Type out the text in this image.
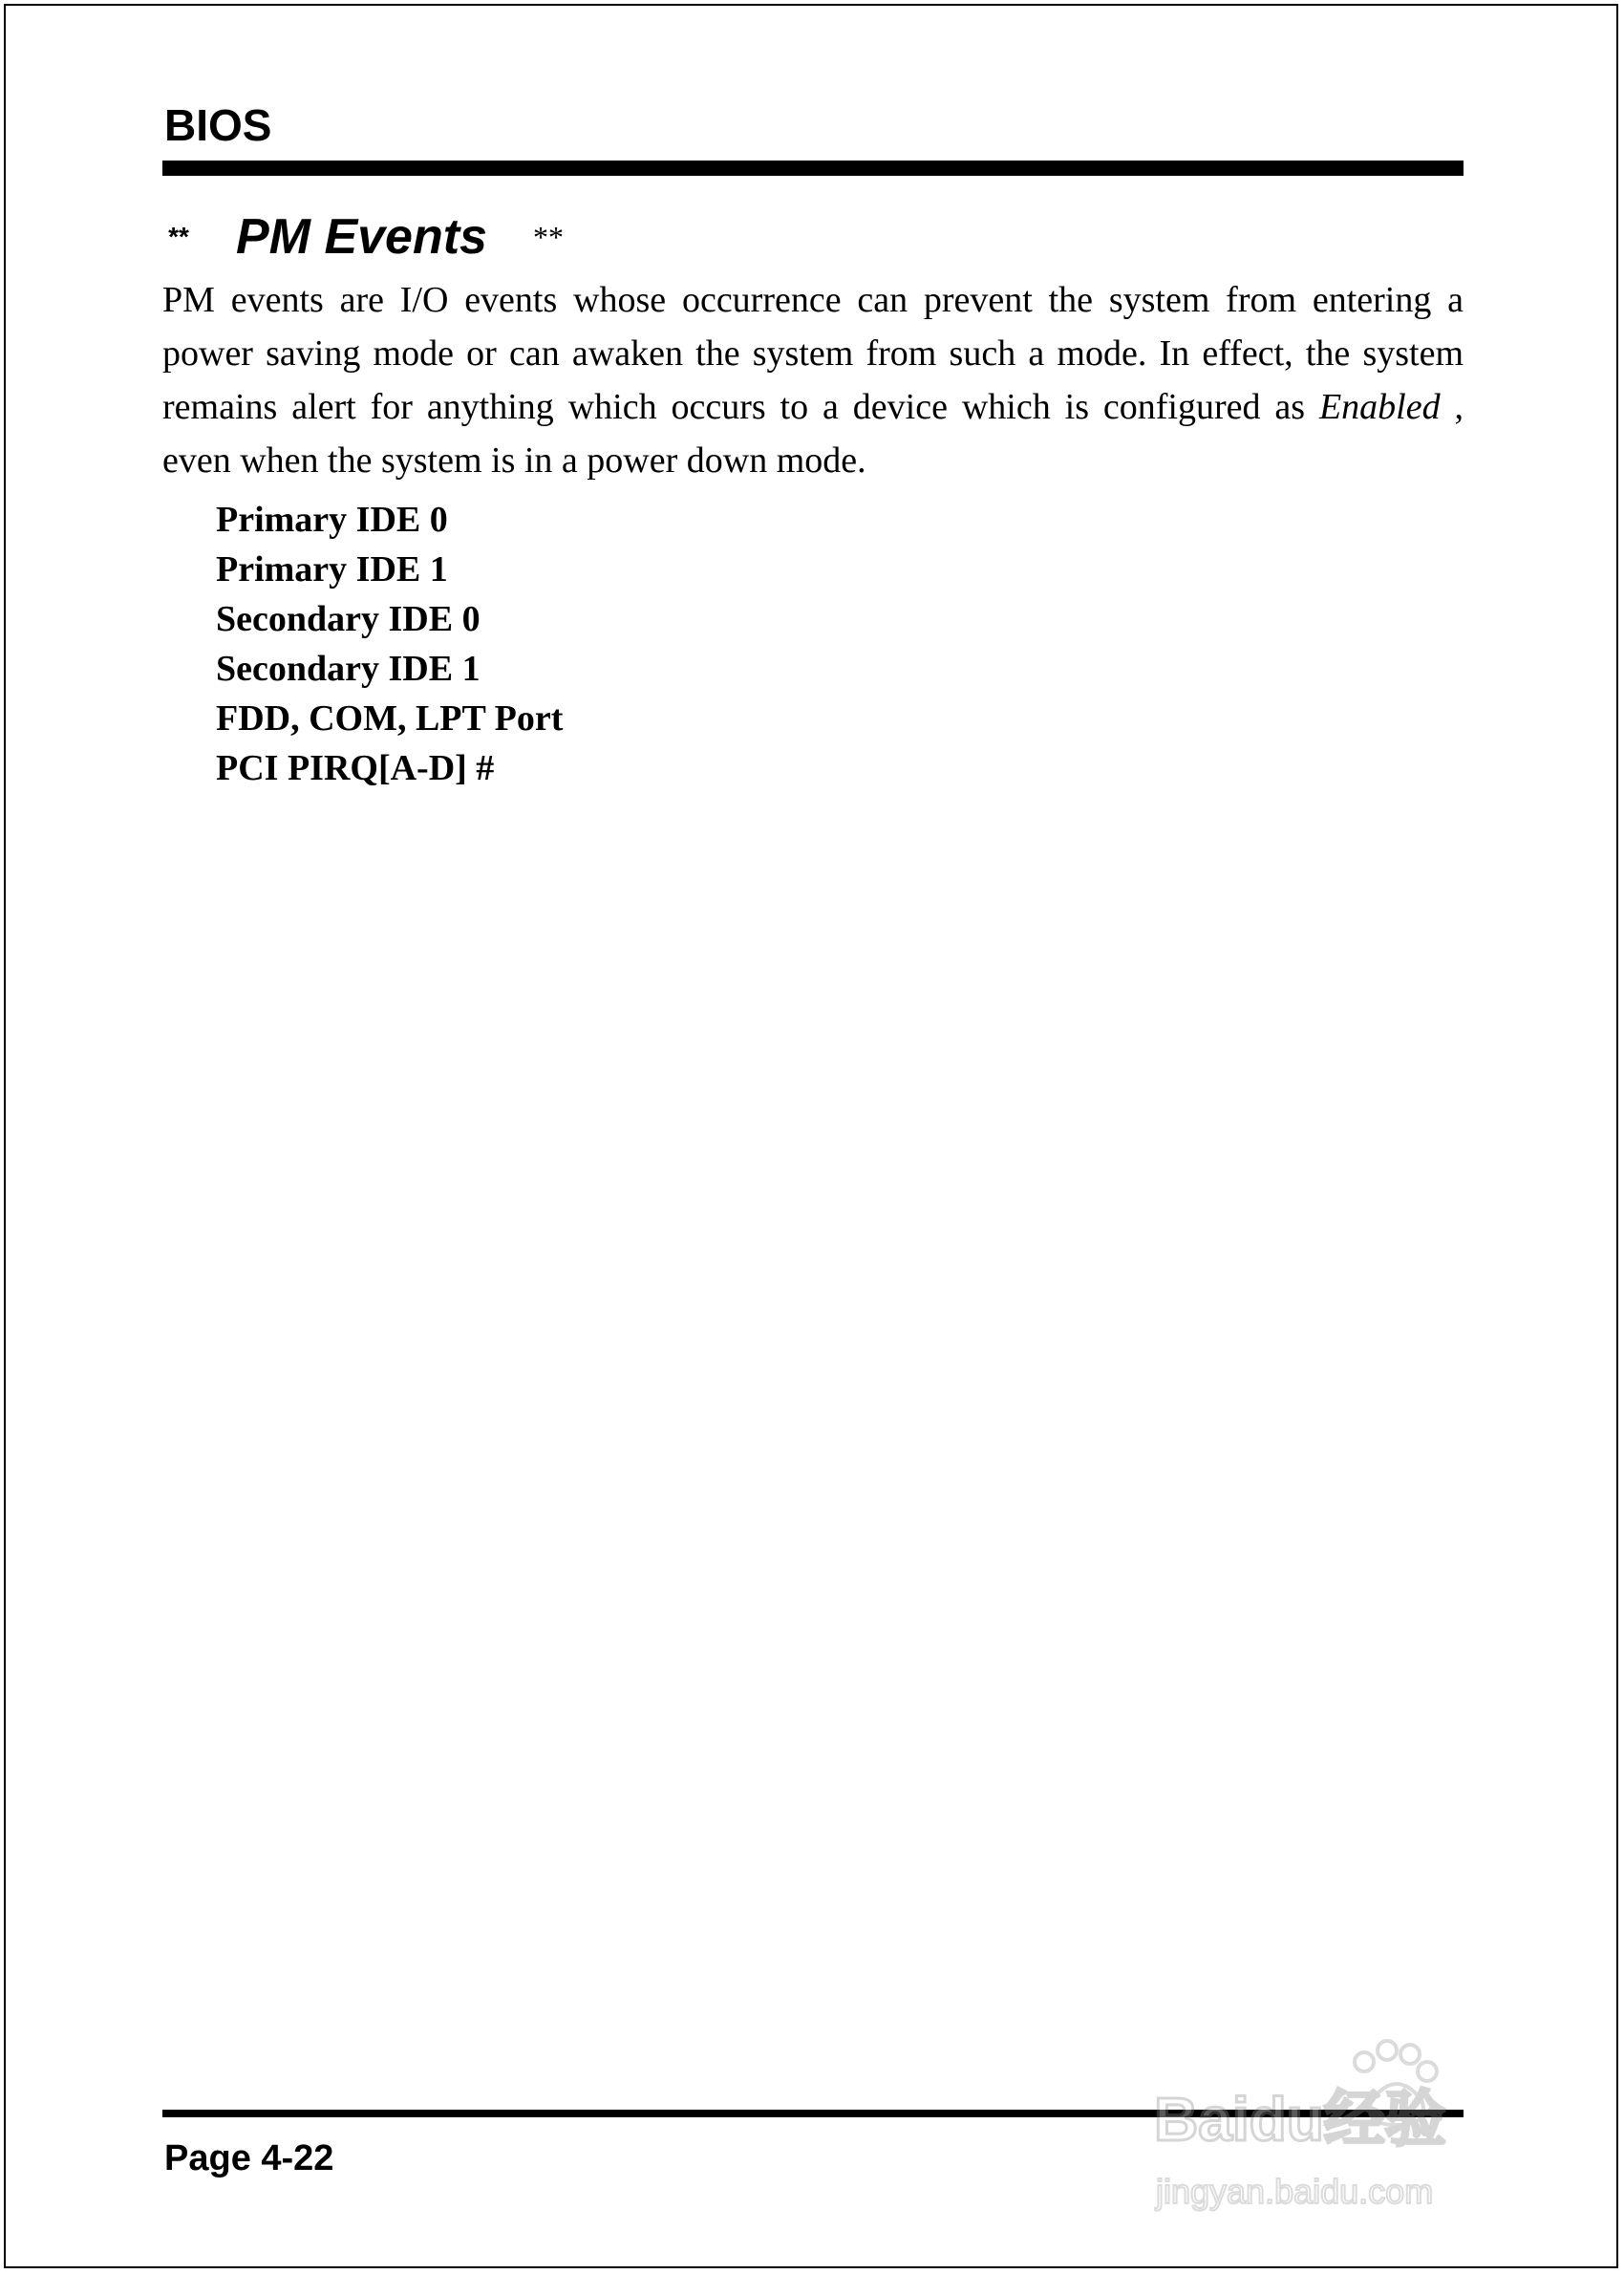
BIOS
** PM Events **

PM events are I/O events whose occurrence can prevent the system from entering a power saving mode or can awaken the system from such a mode. In effect, the system remains alert for anything which occurs to a device which is configured as Enabled , even when the system is in a power down mode.

Primary IDE 0
Primary IDE 1
Secondary IDE 0
Secondary IDE 1
FDD, COM, LPT Port
PCI PIRQ[A-D] #
Page 4-22
Baidu经验
jingyan.baidu.com
